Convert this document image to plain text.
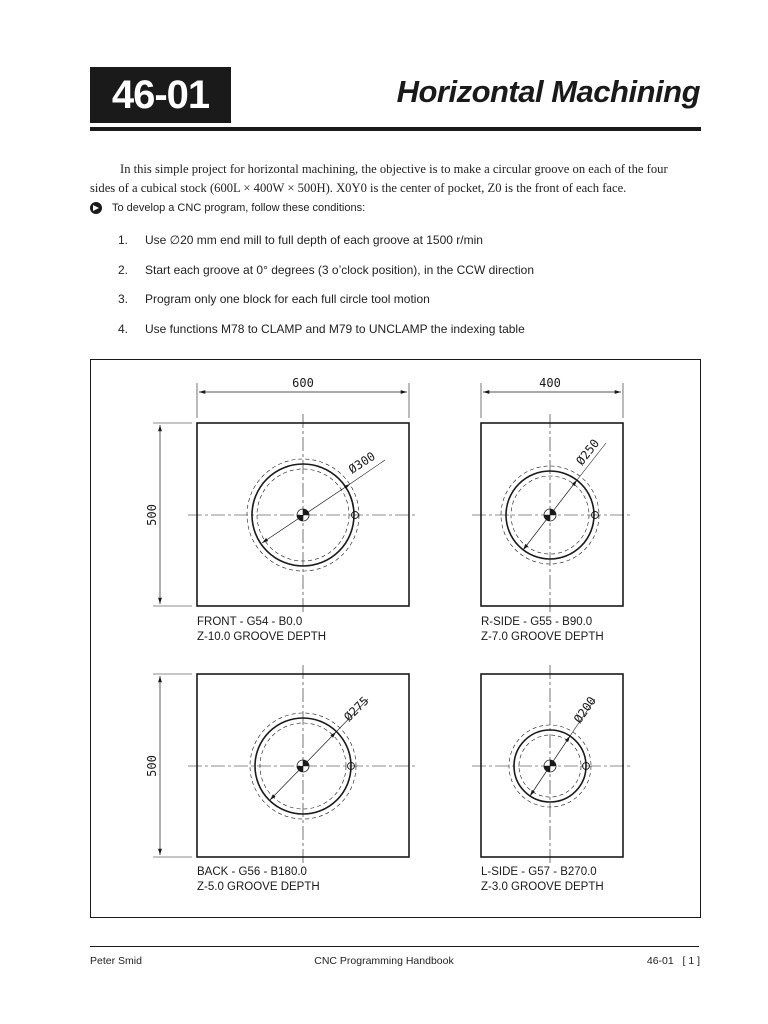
46-01	Horizontal Machining
In this simple project for horizontal machining, the objective is to make a circular groove on each of the four
sides of a cubical stock (600L × 400W × 500H). X0Y0 is the center of pocket, Z0 is the front of each face.
To develop a CNC program, follow these conditions:
1. Use ∅20 mm end mill to full depth of each groove at 1500 r/min
2. Start each groove at 0° degrees (3 o’clock position), in the CCW direction
3. Program only one block for each full circle tool motion
4. Use functions M78 to CLAMP and M79 to UNCLAMP the indexing table
600	400
500
500
Ø300	Ø250
Ø275	Ø200
FRONT - G54 - B0.0
Z-10.0 GROOVE DEPTH
R-SIDE - G55 - B90.0
Z-7.0 GROOVE DEPTH
BACK - G56 - B180.0
Z-5.0 GROOVE DEPTH
L-SIDE - G57 - B270.0
Z-3.0 GROOVE DEPTH
Peter Smid	CNC Programming Handbook	46-01   [ 1 ]
